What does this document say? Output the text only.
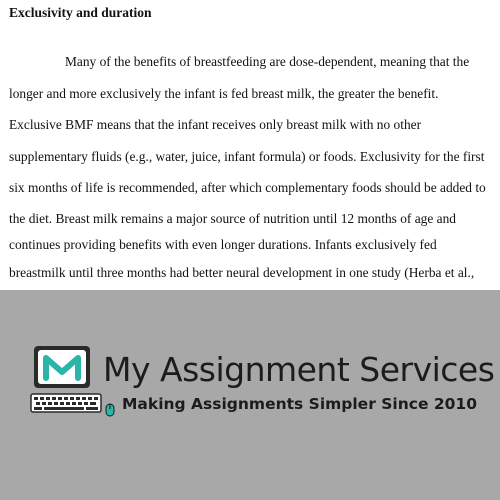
Exclusivity and duration
Many of the benefits of breastfeeding are dose-dependent, meaning that the
longer and more exclusively the infant is fed breast milk, the greater the benefit.
Exclusive BMF means that the infant receives only breast milk with no other
supplementary fluids (e.g., water, juice, infant formula) or foods. Exclusivity for the first
six months of life is recommended, after which complementary foods should be added to
the diet. Breast milk remains a major source of nutrition until 12 months of age and
continues providing benefits with even longer durations. Infants exclusively fed
breastmilk until three months had better neural development in one study (Herba et al.,
My Assignment Services
Making Assignments Simpler Since 2010
